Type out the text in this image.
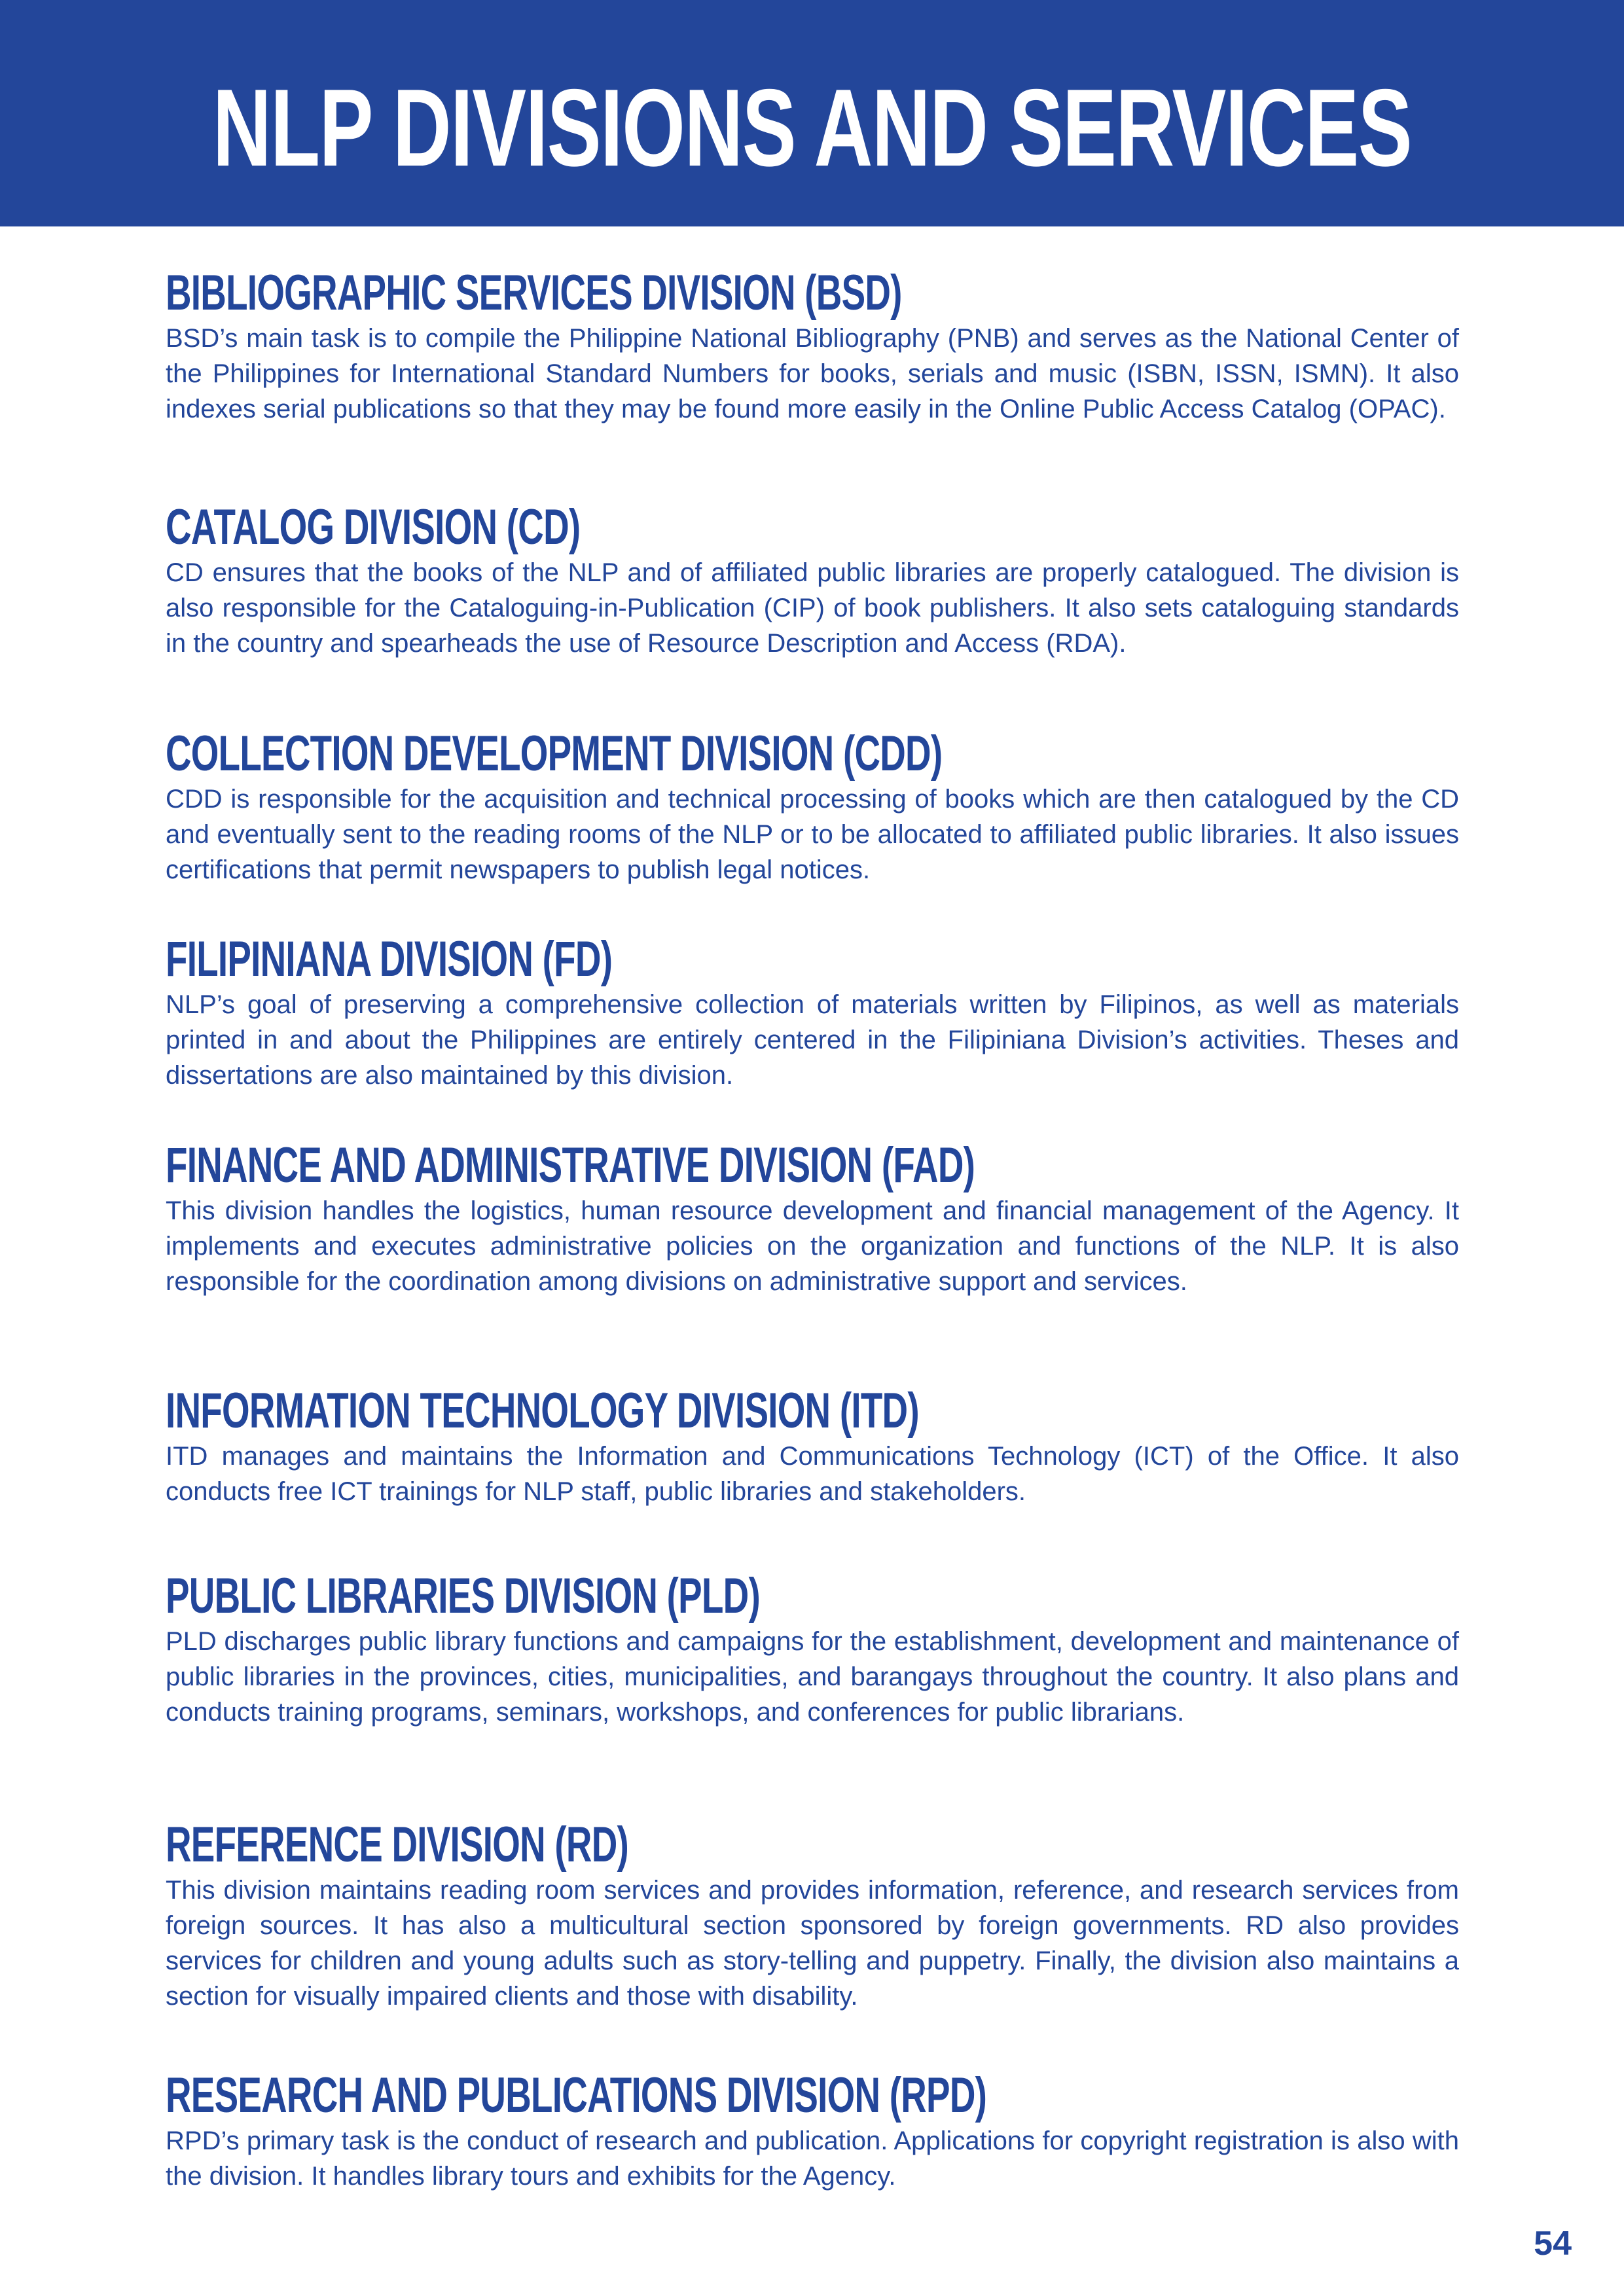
NLP DIVISIONS AND SERVICES
BIBLIOGRAPHIC SERVICES DIVISION (BSD)

BSD’s main task is to compile the Philippine National Bibliography (PNB) and serves as the National Center of the Philippines for International Standard Numbers for books, serials and music (ISBN, ISSN, ISMN). It also indexes serial publications so that they may be found more easily in the Online Public Access Catalog (OPAC).

CATALOG DIVISION (CD)

CD ensures that the books of the NLP and of affiliated public libraries are properly catalogued. The division is also responsible for the Cataloguing-in-Publication (CIP) of book publishers. It also sets cataloguing standards in the country and spearheads the use of Resource Description and Access (RDA).

COLLECTION DEVELOPMENT DIVISION (CDD)

CDD is responsible for the acquisition and technical processing of books which are then catalogued by the CD and eventually sent to the reading rooms of the NLP or to be allocated to affiliated public libraries. It also issues certifications that permit newspapers to publish legal notices.

FILIPINIANA DIVISION (FD)

NLP’s goal of preserving a comprehensive collection of materials written by Filipinos, as well as materials printed in and about the Philippines are entirely centered in the Filipiniana Division’s activities. Theses and dissertations are also maintained by this division.

FINANCE AND ADMINISTRATIVE DIVISION (FAD)

This division handles the logistics, human resource development and financial management of the Agency. It implements and executes administrative policies on the organization and functions of the NLP. It is also responsible for the coordination among divisions on administrative support and services.

INFORMATION TECHNOLOGY DIVISION (ITD)

ITD manages and maintains the Information and Communications Technology (ICT) of the Office. It also conducts free ICT trainings for NLP staff, public libraries and stakeholders.

PUBLIC LIBRARIES DIVISION (PLD)

PLD discharges public library functions and campaigns for the establishment, development and maintenance of public libraries in the provinces, cities, municipalities, and barangays throughout the country. It also plans and conducts training programs, seminars, workshops, and conferences for public librarians.

REFERENCE DIVISION (RD)

This division maintains reading room services and provides information, reference, and research services from foreign sources. It has also a multicultural section sponsored by foreign governments. RD also provides services for children and young adults such as story-telling and puppetry. Finally, the division also maintains a section for visually impaired clients and those with disability.

RESEARCH AND PUBLICATIONS DIVISION (RPD)

RPD’s primary task is the conduct of research and publication. Applications for copyright registration is also with the division. It handles library tours and exhibits for the Agency.

54
